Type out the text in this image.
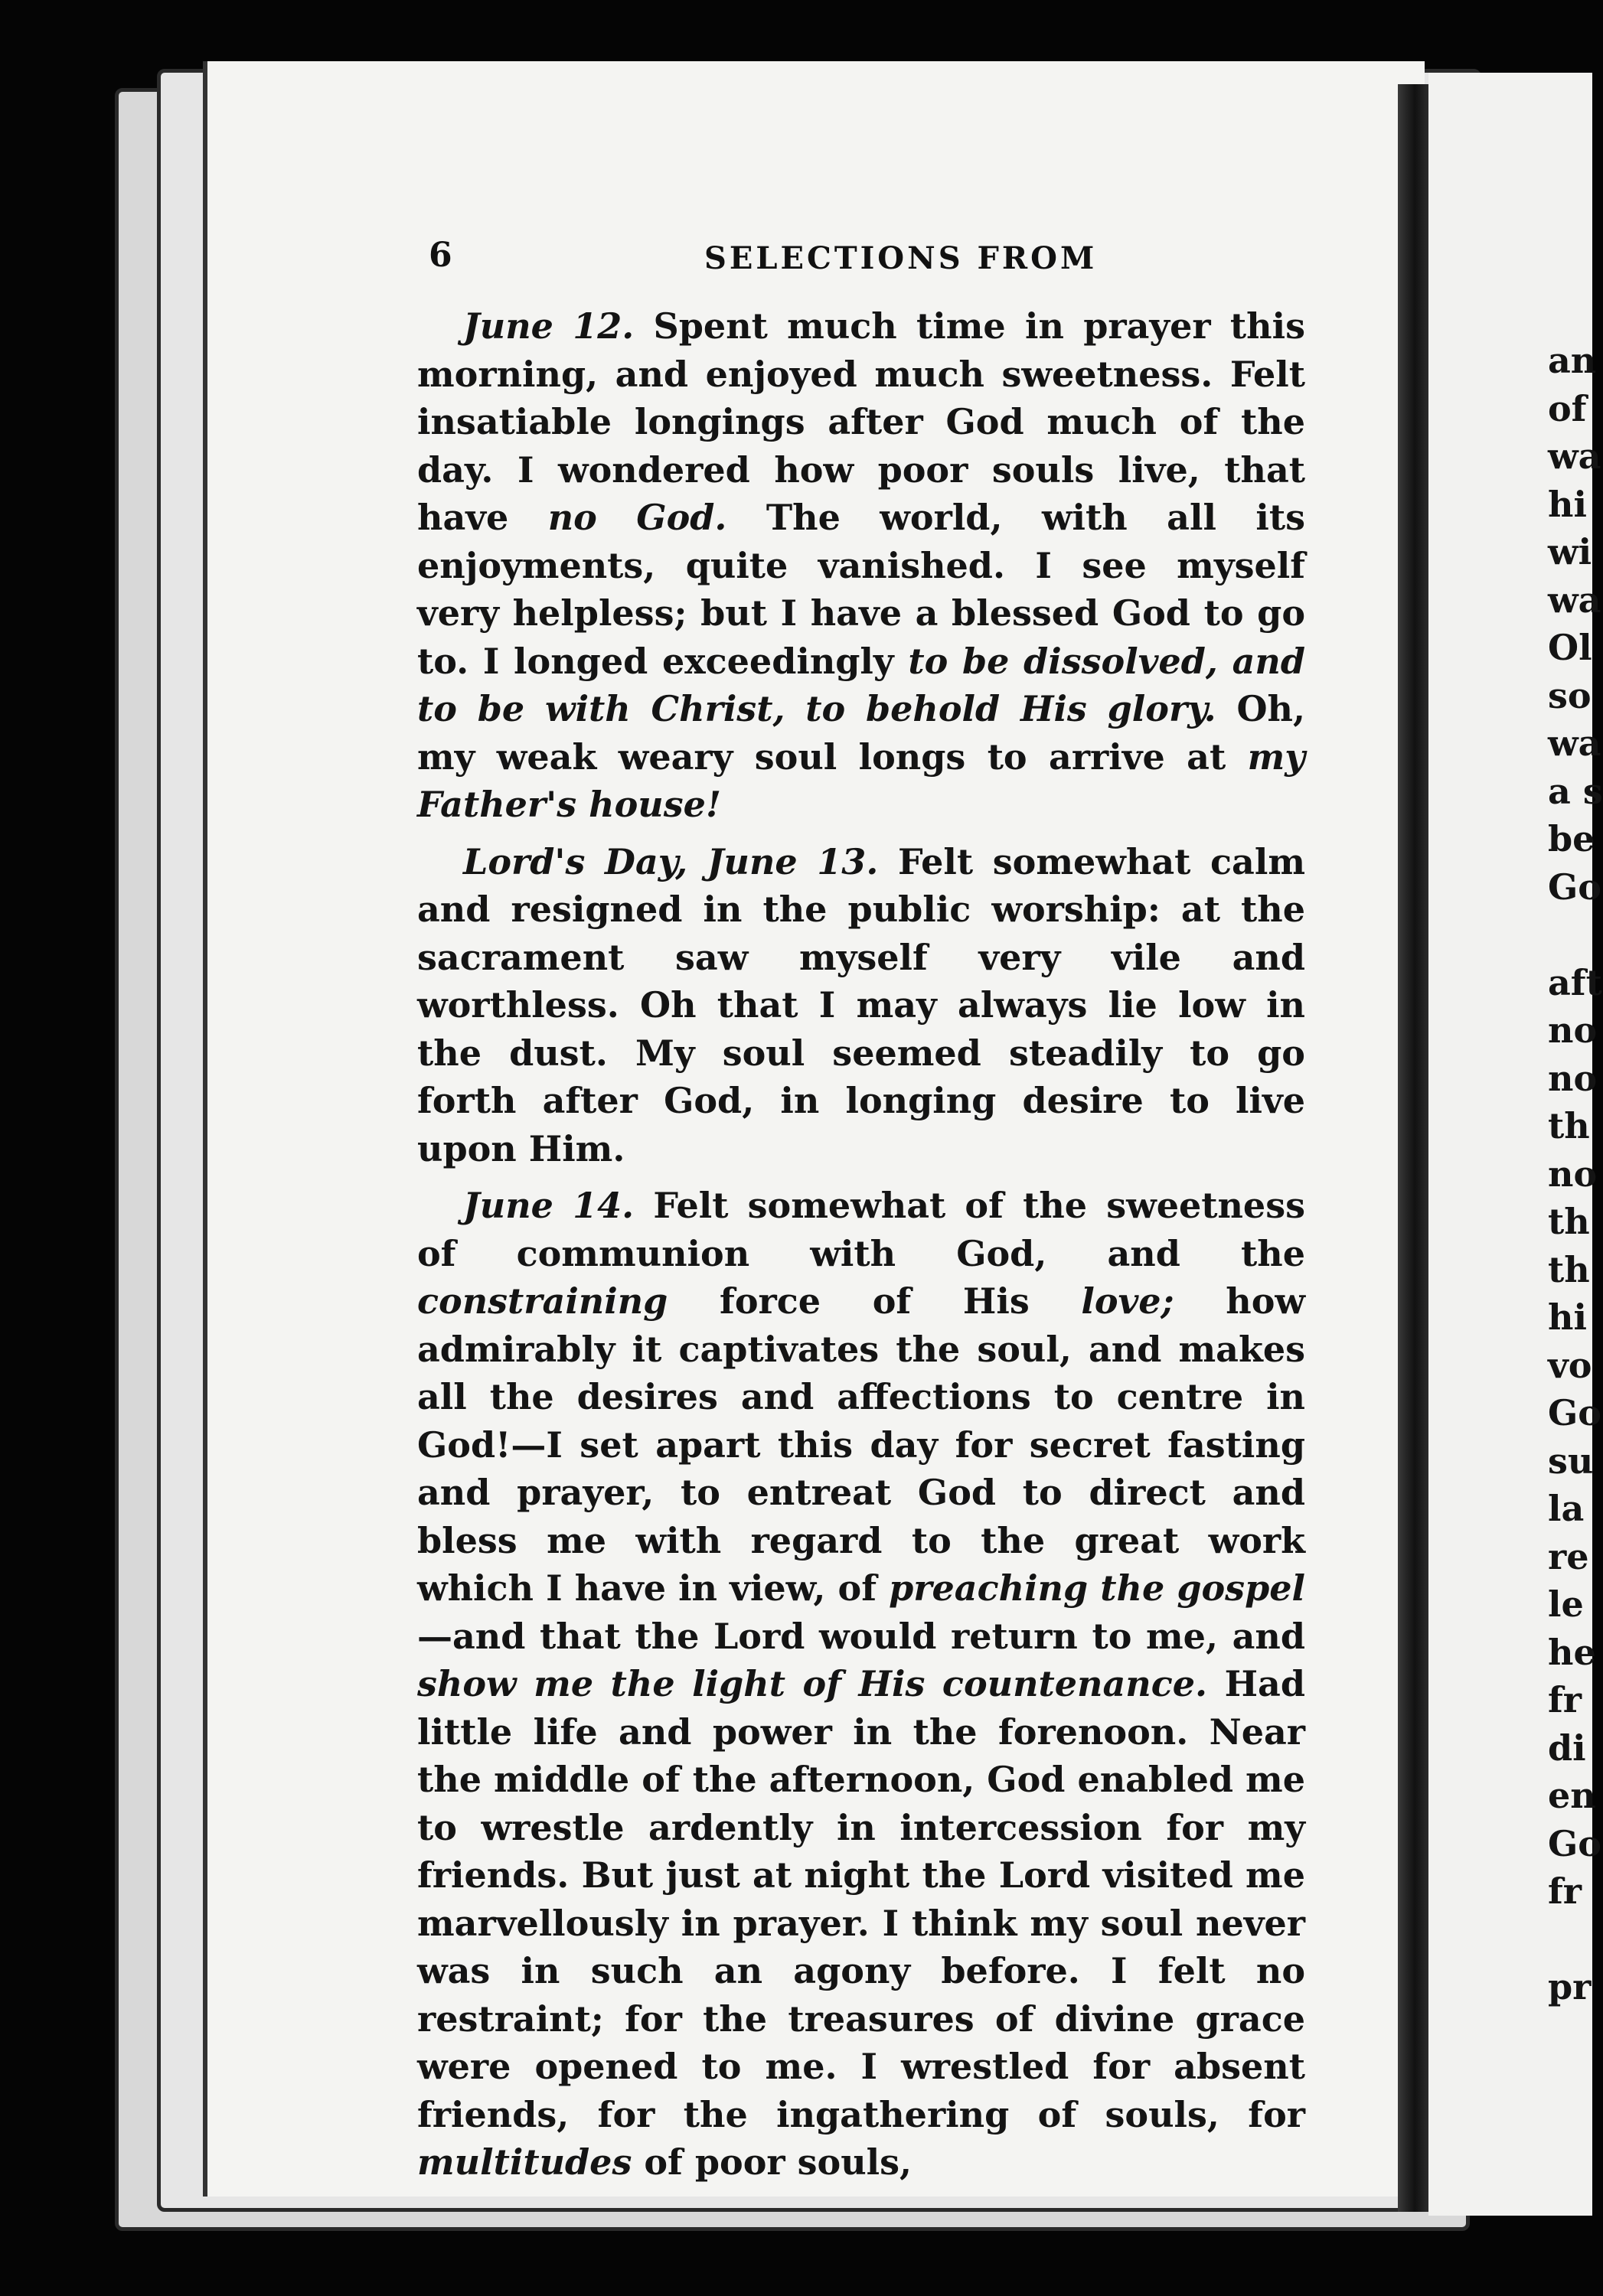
6	SELECTIONS FROM

June 12. Spent much time in prayer this morning, and enjoyed much sweetness. Felt insatiable longings after God much of the day. I wondered how poor souls live, that have no God. The world, with all its enjoyments, quite vanished. I see myself very helpless; but I have a blessed God to go to. I longed exceedingly to be dissolved, and to be with Christ, to behold His glory. Oh, my weak weary soul longs to arrive at my Father's house!

Lord's Day, June 13. Felt somewhat calm and resigned in the public worship: at the sacrament saw myself very vile and worthless. Oh that I may always lie low in the dust. My soul seemed steadily to go forth after God, in longing desire to live upon Him.

June 14. Felt somewhat of the sweetness of communion with God, and the constraining force of His love; how admirably it captivates the soul, and makes all the desires and affections to centre in God!—I set apart this day for secret fasting and prayer, to entreat God to direct and bless me with regard to the great work which I have in view, of preaching the gospel—and that the Lord would return to me, and show me the light of His countenance. Had little life and power in the forenoon. Near the middle of the afternoon, God enabled me to wrestle ardently in intercession for my friends. But just at night the Lord visited me marvellously in prayer. I think my soul never was in such an agony before. I felt no restraint; for the treasures of divine grace were opened to me. I wrestled for absent friends, for the ingathering of souls, for multitudes of poor souls,

an
of
wa
hi
wi
wa
Ol
so
wa
a s
be
Go
aft
no
no
th
no
th
th
hi
vo
Go
su
la
re
le
he
fr
di
en
Go
fr
pr
